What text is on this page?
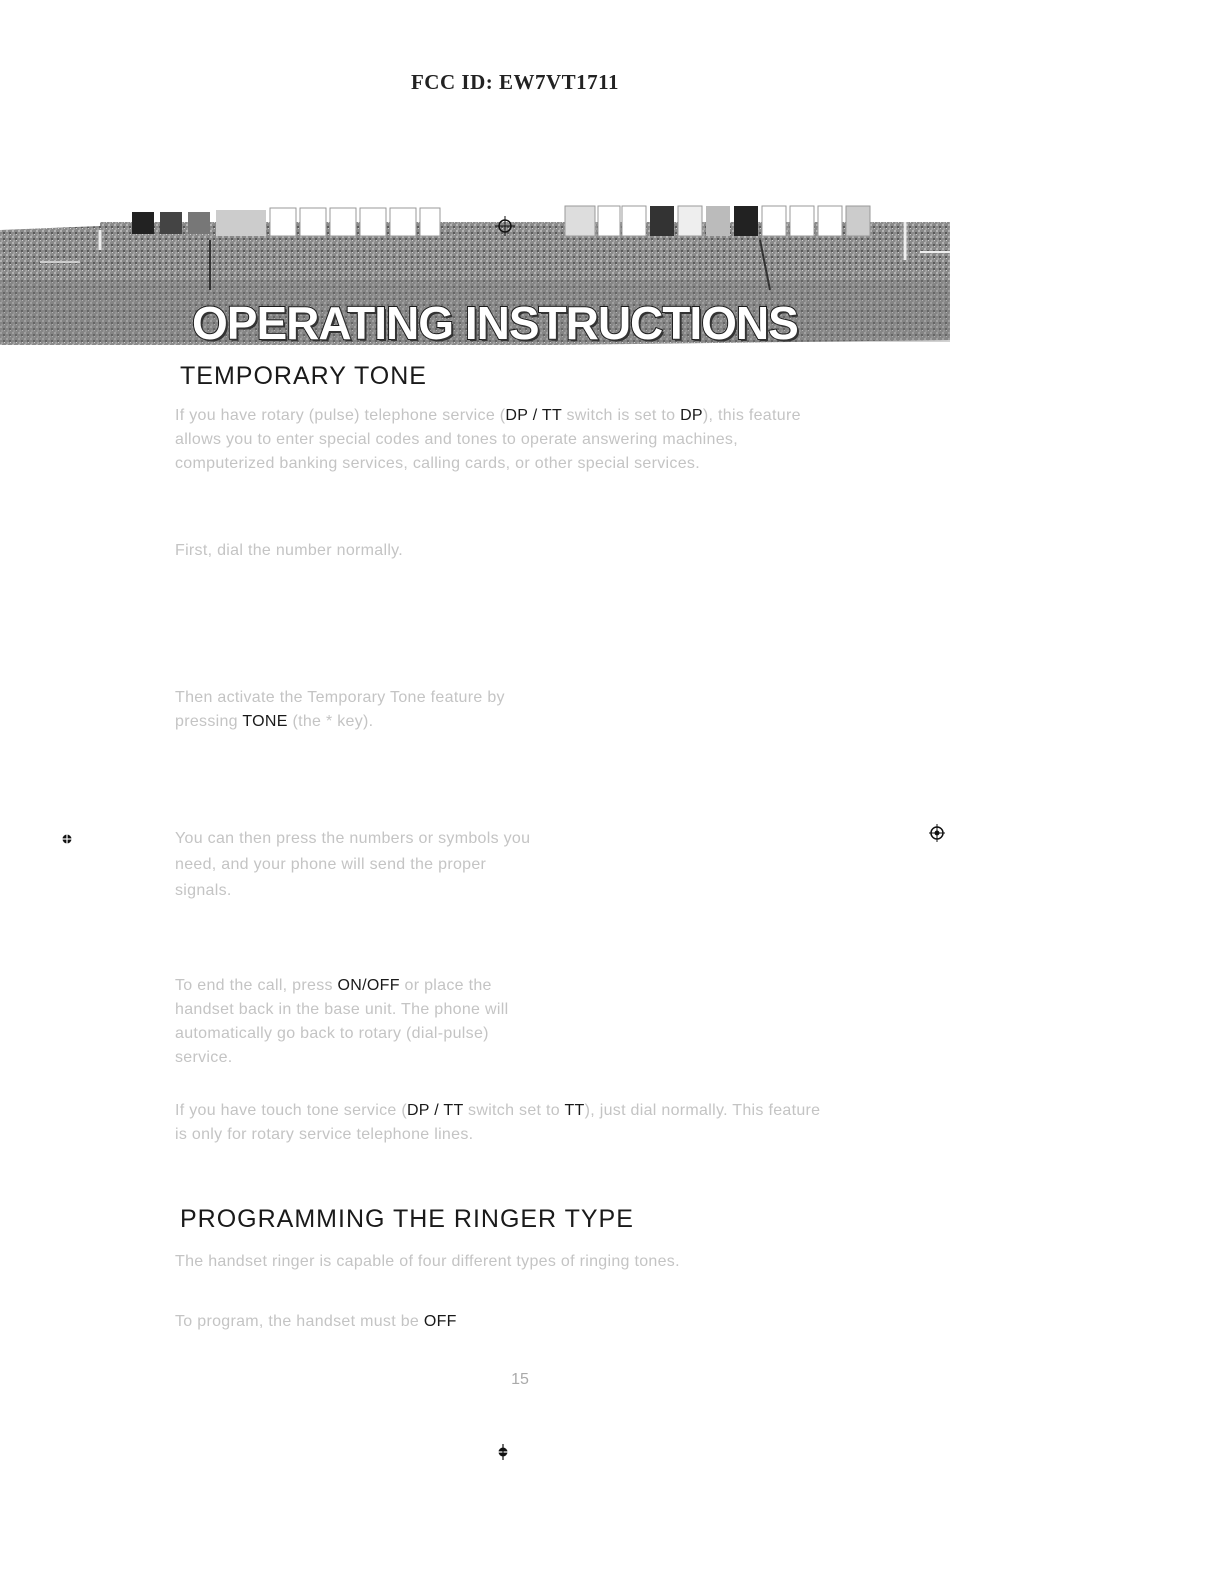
FCC ID: EW7VT1711
OPERATING INSTRUCTIONS
TEMPORARY TONE

If you have rotary (pulse) telephone service (DP / TT switch is set to DP), this feature allows you to enter special codes and tones to operate answering machines, computerized banking services, calling cards, or other special services.

First, dial the number normally.

Then activate the Temporary Tone feature by pressing TONE (the * key).

You can then press the numbers or symbols you need, and your phone will send the proper signals.

To end the call, press ON/OFF or place the handset back in the base unit. The phone will automatically go back to rotary (dial-pulse) service.

If you have touch tone service (DP / TT switch set to TT), just dial normally. This feature is only for rotary service telephone lines.

PROGRAMMING THE RINGER TYPE

The handset ringer is capable of four different types of ringing tones.

To program, the handset must be OFF

15
